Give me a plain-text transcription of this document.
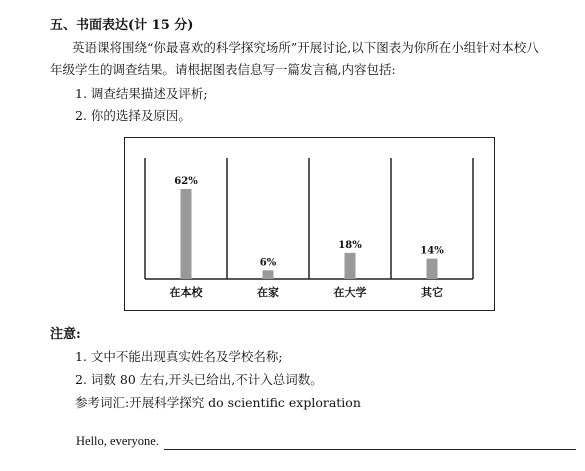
五、书面表达(计 15 分)
英语课将围绕“你最喜欢的科学探究场所”开展讨论,以下图表为你所在小组针对本校八
年级学生的调查结果。请根据图表信息写一篇发言稿,内容包括:
1. 调查结果描述及评析;
2. 你的选择及原因。
62%
在本校
6%
在家
18%
在大学
14%
其它
注意:
1. 文中不能出现真实姓名及学校名称;
2. 词数 80 左右,开头已给出,不计入总词数。
参考词汇:开展科学探究 do scientific exploration
Hello, everyone.
